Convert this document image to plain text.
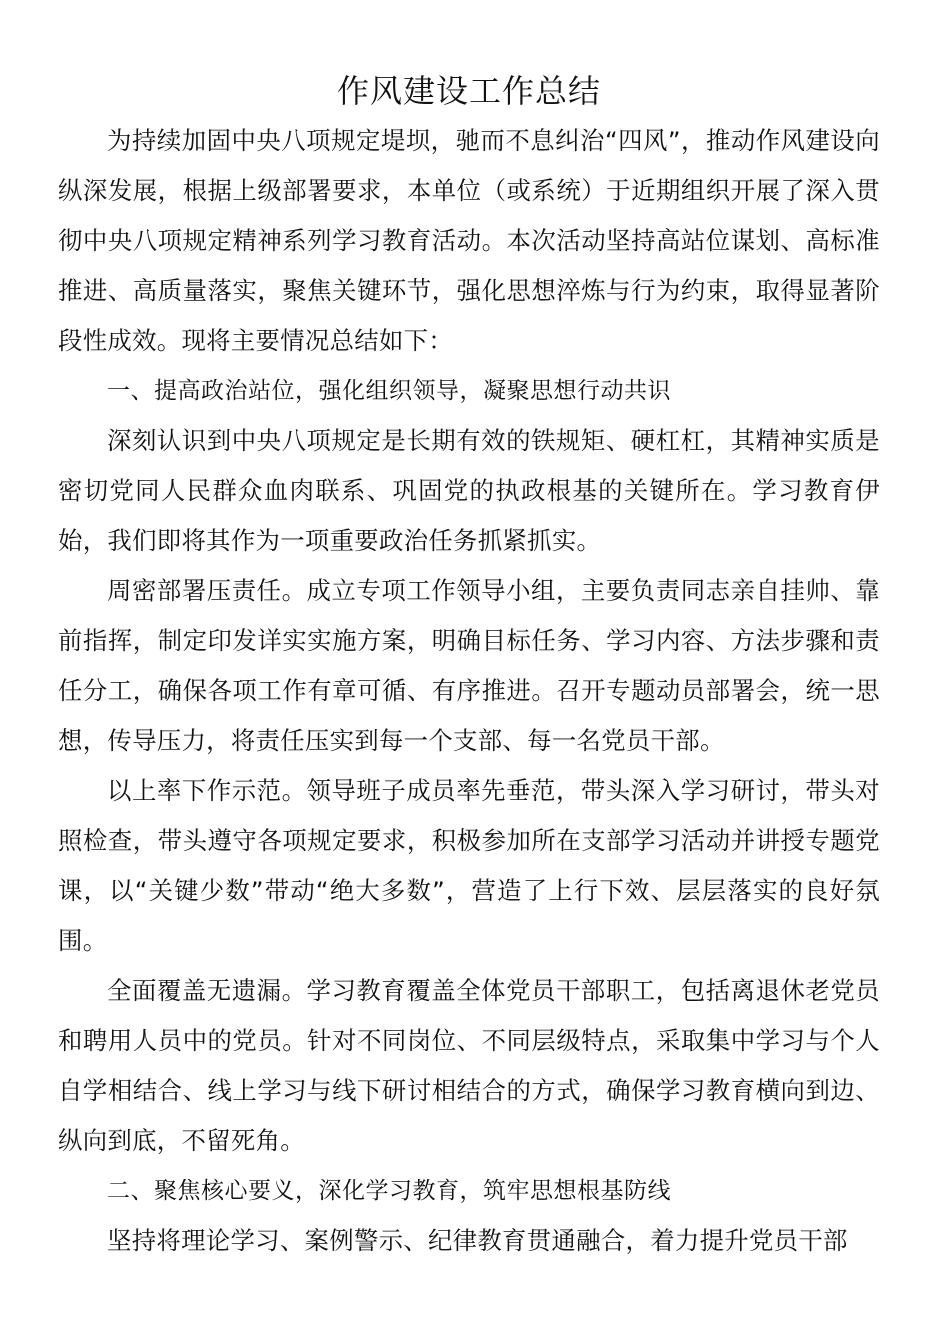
作风建设工作总结

为持续加固中央八项规定堤坝，驰而不息纠治“四风”，推动作风建设向纵深发展，根据上级部署要求，本单位（或系统）于近期组织开展了深入贯彻中央八项规定精神系列学习教育活动。本次活动坚持高站位谋划、高标准推进、高质量落实，聚焦关键环节，强化思想淬炼与行为约束，取得显著阶段性成效。现将主要情况总结如下：

一、提高政治站位，强化组织领导，凝聚思想行动共识

深刻认识到中央八项规定是长期有效的铁规矩、硬杠杠，其精神实质是密切党同人民群众血肉联系、巩固党的执政根基的关键所在。学习教育伊始，我们即将其作为一项重要政治任务抓紧抓实。

周密部署压责任。成立专项工作领导小组，主要负责同志亲自挂帅、靠前指挥，制定印发详实实施方案，明确目标任务、学习内容、方法步骤和责任分工，确保各项工作有章可循、有序推进。召开专题动员部署会，统一思想，传导压力，将责任压实到每一个支部、每一名党员干部。

以上率下作示范。领导班子成员率先垂范，带头深入学习研讨，带头对照检查，带头遵守各项规定要求，积极参加所在支部学习活动并讲授专题党课，以“关键少数”带动“绝大多数”，营造了上行下效、层层落实的良好氛围。

全面覆盖无遗漏。学习教育覆盖全体党员干部职工，包括离退休老党员和聘用人员中的党员。针对不同岗位、不同层级特点，采取集中学习与个人自学相结合、线上学习与线下研讨相结合的方式，确保学习教育横向到边、纵向到底，不留死角。

二、聚焦核心要义，深化学习教育，筑牢思想根基防线

坚持将理论学习、案例警示、纪律教育贯通融合，着力提升党员干部
